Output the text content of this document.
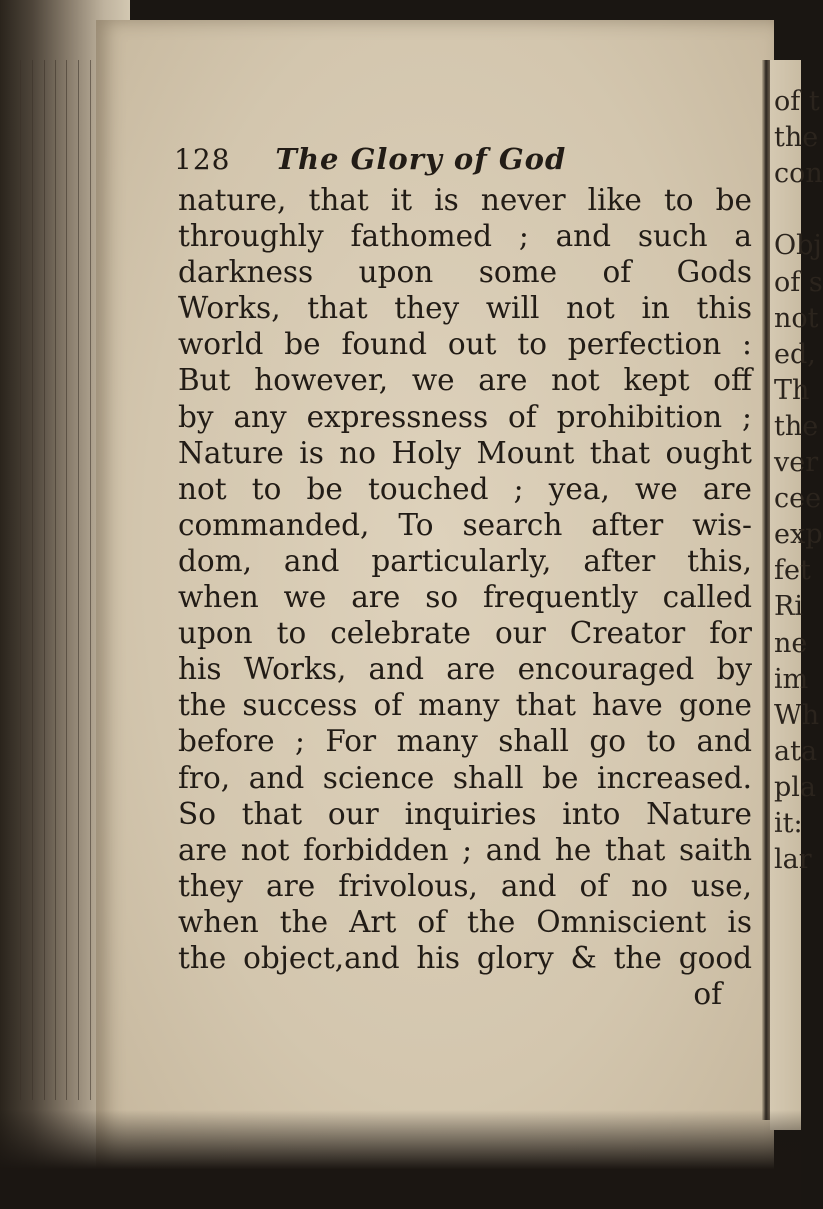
of t
the
con
Obj
of s
not
ed,
Th
the
ver
cee
exp
fet
Ri
ne
im
Wh
ata
pla
it:
lar
128 The Glory of God
nature, that it is never like to be
throughly fathomed ; and such a
darkness upon some of Gods
Works, that they will not in this
world be found out to perfection :
But however, we are not kept off
by any expressness of prohibition ;
Nature is no Holy Mount that ought
not to be touched ; yea, we are
commanded, To search after wis-
dom, and particularly, after this,
when we are so frequently called
upon to celebrate our Creator for
his Works, and are encouraged by
the success of many that have gone
before ; For many shall go to and
fro, and science shall be increased.
So that our inquiries into Nature
are not forbidden ; and he that saith
they are frivolous, and of no use,
when the Art of the Omniscient is
the object,and his glory & the good
of
